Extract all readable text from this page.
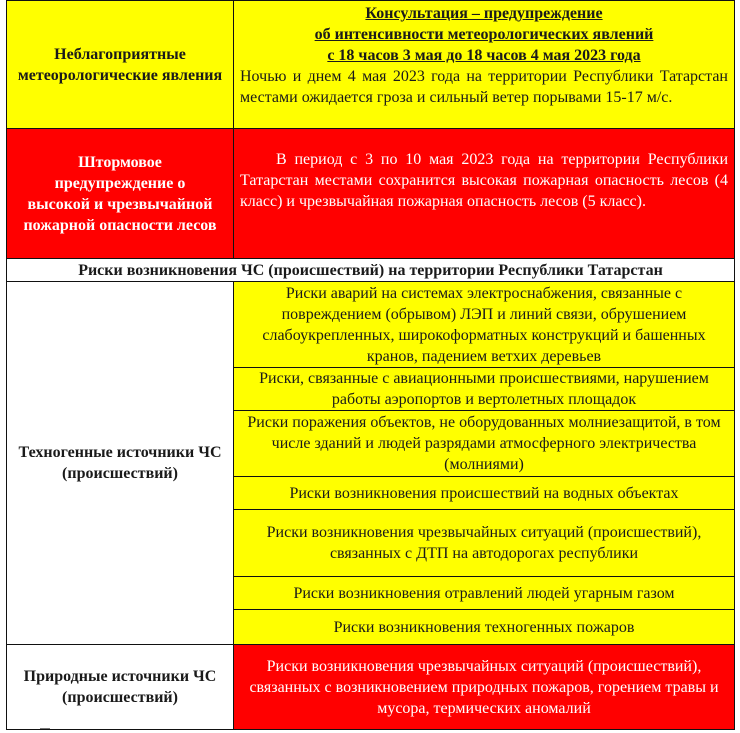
Неблагоприятные метеорологические явления	Консультация – предупреждение
об интенсивности метеорологических явлений
с 18 часов 3 мая до 18 часов 4 мая 2023 года
Ночью и днем 4 мая 2023 года на территории Республики Татарстан местами ожидается гроза и сильный ветер порывами 15-17 м/с.

Штормовое предупреждение о высокой и чрезвычайной пожарной опасности лесов	В период с 3 по 10 мая 2023 года на территории Республики Татарстан местами сохранится высокая пожарная опасность лесов (4 класс) и чрезвычайная пожарная опасность лесов (5 класс).

Риски возникновения ЧС (происшествий) на территории Республики Татарстан	
Техногенные источники ЧС (происшествий)	Риски аварий на системах электроснабжения, связанные с повреждением (обрывом) ЛЭП и линий связи, обрушением слабоукрепленных, широкоформатных конструкций и башенных кранов, падением ветхих деревьев
	Риски, связанные с авиационными происшествиями, нарушением работы аэропортов и вертолетных площадок
	Риски поражения объектов, не оборудованных молниезащитой, в том числе зданий и людей разрядами атмосферного электричества (молниями)
	Риски возникновения происшествий на водных объектах
	Риски возникновения чрезвычайных ситуаций (происшествий), связанных с ДТП на автодорогах республики
	Риски возникновения отравлений людей угарным газом
	Риски возникновения техногенных пожаров
Природные источники ЧС (происшествий)	Риски возникновения чрезвычайных ситуаций (происшествий), связанных с возникновением природных пожаров, горением травы и мусора, термических аномалий
